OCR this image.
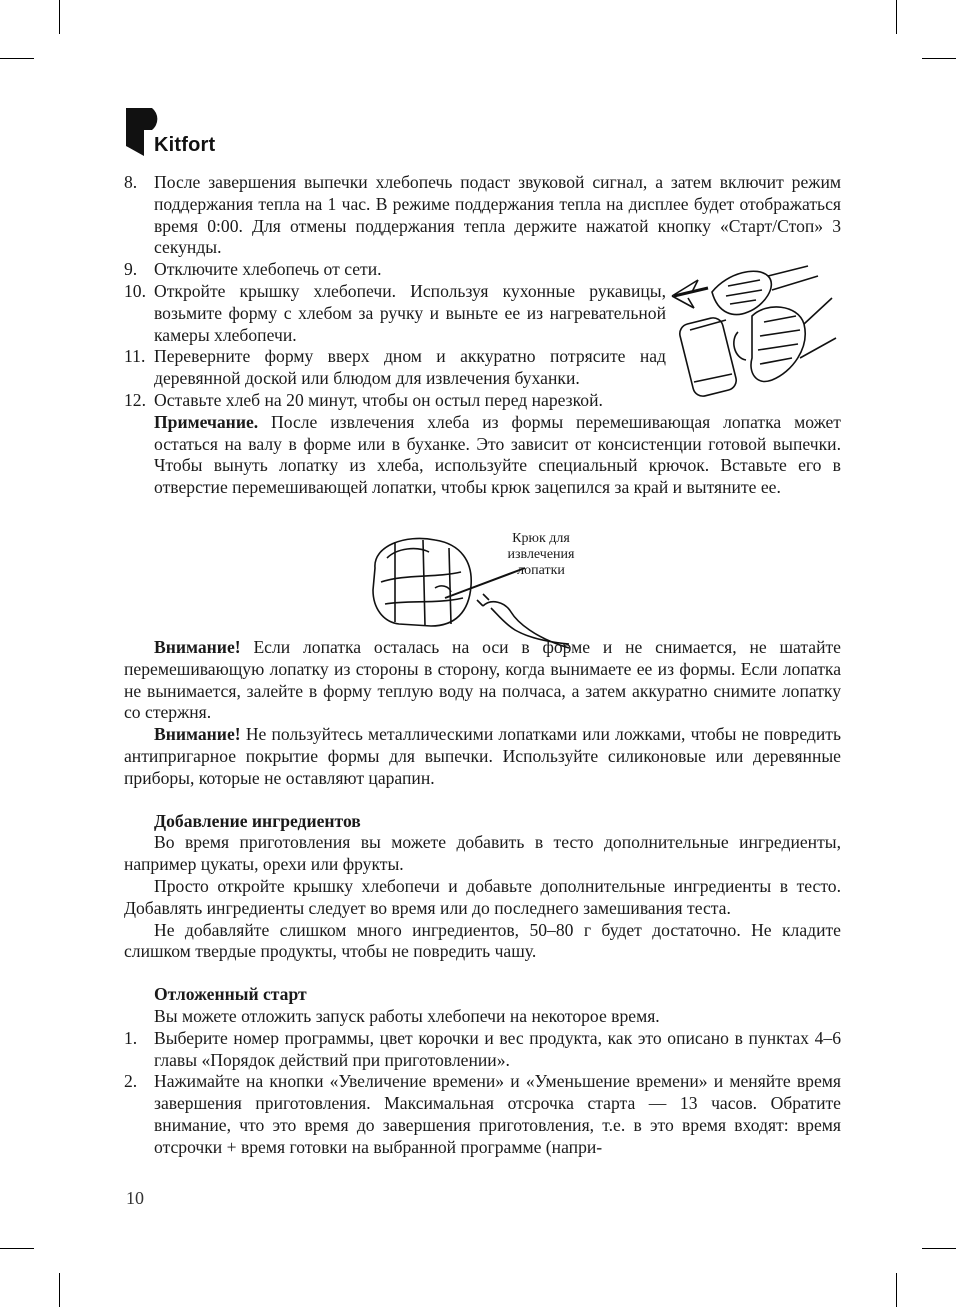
Kitfort
8. После завершения выпечки хлебопечь подаст звуковой сигнал, а затем включит режим поддержания тепла на 1 час. В режиме поддержания тепла на дисплее будет отображаться время 0:00. Для отмены поддержания тепла держите нажатой кнопку «Старт/Стоп» 3 секунды.
9. Отключите хлебопечь от сети.
10. Откройте крышку хлебопечи. Используя кухонные рукавицы, возьмите форму с хлебом за ручку и выньте ее из нагревательной камеры хлебопечи.
11. Переверните форму вверх дном и аккуратно потрясите над деревянной доской или блюдом для извлечения буханки.
12. Оставьте хлеб на 20 минут, чтобы он остыл перед нарезкой.
Примечание. После извлечения хлеба из формы перемешивающая лопатка может остаться на валу в форме или в буханке. Это зависит от консистенции готовой выпечки. Чтобы вынуть лопатку из хлеба, используйте специальный крючок. Вставьте его в отверстие перемешивающей лопатки, чтобы крюк зацепился за край и вытяните ее.
Внимание! Если лопатка осталась на оси в форме и не снимается, не шатайте перемешивающую лопатку из стороны в сторону, когда вынимаете ее из формы. Если лопатка не вынимается, залейте в форму теплую воду на полчаса, а затем аккуратно снимите лопатку со стержня.
Внимание! Не пользуйтесь металлическими лопатками или ложками, чтобы не повредить антипригарное покрытие формы для выпечки. Используйте силиконовые или деревянные приборы, которые не оставляют царапин.
Добавление ингредиентов
Во время приготовления вы можете добавить в тесто дополнительные ингредиенты, например цукаты, орехи или фрукты.
Просто откройте крышку хлебопечи и добавьте дополнительные ингредиенты в тесто. Добавлять ингредиенты следует во время или до последнего замешивания теста.
Не добавляйте слишком много ингредиентов, 50–80 г будет достаточно. Не кладите слишком твердые продукты, чтобы не повредить чашу.
Отложенный старт
Вы можете отложить запуск работы хлебопечи на некоторое время.
1. Выберите номер программы, цвет корочки и вес продукта, как это описано в пунктах 4–6 главы «Порядок действий при приготовлении».
2. Нажимайте на кнопки «Увеличение времени» и «Уменьшение времени» и меняйте время завершения приготовления. Максимальная отсрочка старта — 13 часов. Обратите внимание, что это время до завершения приготовления, т.е. в это время входят: время отсрочки + время готовки на выбранной программе (напри-
Крюк для извлечения лопатки
10
